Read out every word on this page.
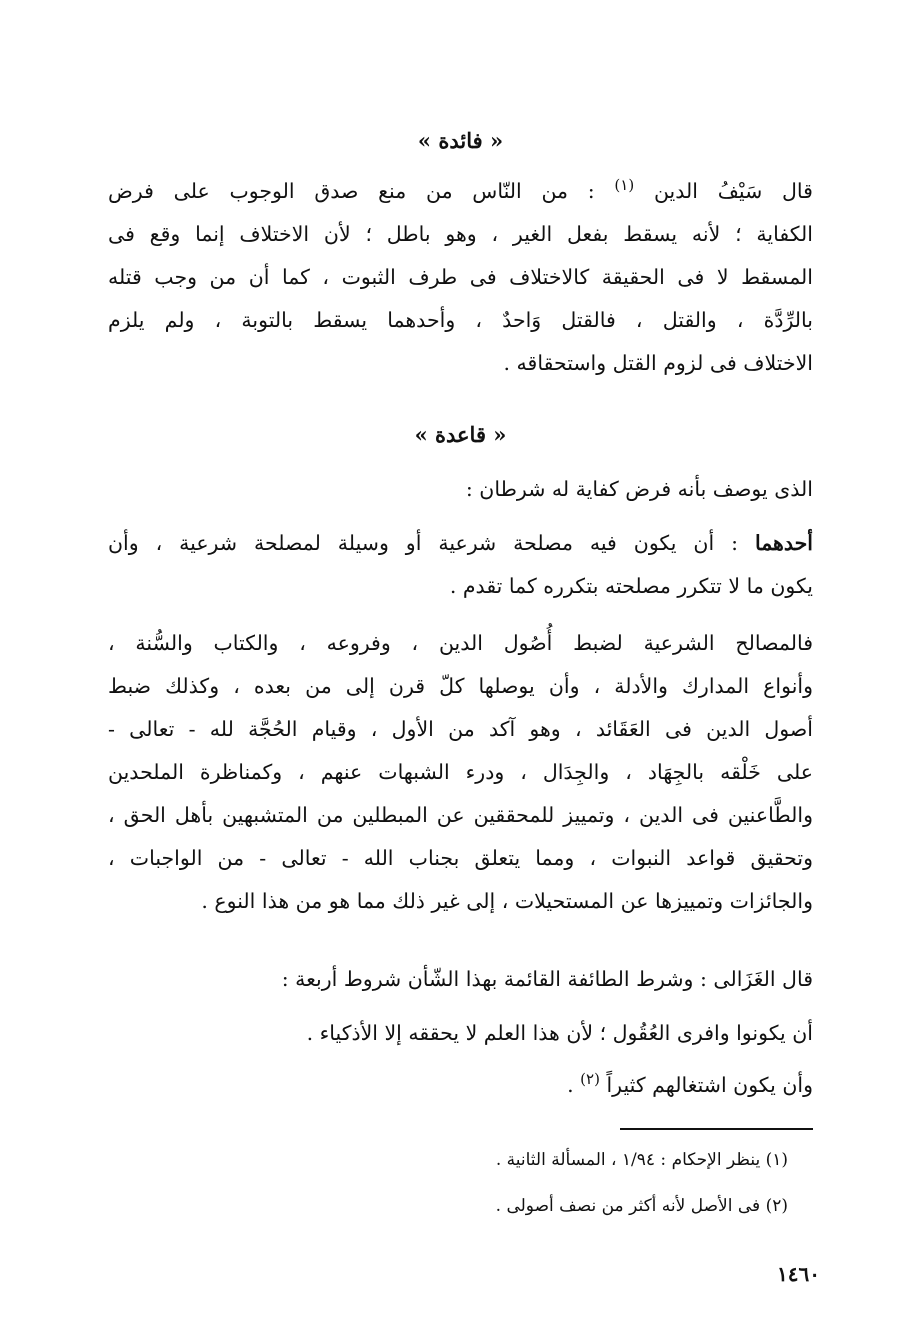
« فائدة »
قال سَيْفُ الدين $^{(١)}$ : من النّاس من منع صدق الوجوب على فرض
الكفاية ؛ لأنه يسقط بفعل الغير ، وهو باطل ؛ لأن الاختلاف إنما وقع فى
المسقط لا فى الحقيقة كالاختلاف فى طرف الثبوت ، كما أن من وجب قتله
بالرِّدَّة ، والقتل ، فالقتل وَاحدٌ ، وأحدهما يسقط بالتوبة ، ولم يلزم
الاختلاف فى لزوم القتل واستحقاقه .
« قاعدة »
الذى يوصف بأنه فرض كفاية له شرطان :
أحدهما : أن يكون فيه مصلحة شرعية أو وسيلة لمصلحة شرعية ، وأن
يكون ما لا تتكرر مصلحته بتكرره كما تقدم .
فالمصالح الشرعية لضبط أُصُول الدين ، وفروعه ، والكتاب والسُّنة ،
وأنواع المدارك والأدلة ، وأن يوصلها كلّ قرن إلى من بعده ، وكذلك ضبط
أصول الدين فى العَقَائد ، وهو آكد من الأول ، وقيام الحُجَّة لله - تعالى -
على خَلْقه بالجِهَاد ، والجِدَال ، ودرء الشبهات عنهم ، وكمناظرة الملحدين
والطَّاعنين فى الدين ، وتمييز للمحققين عن المبطلين من المتشبهين بأهل الحق ،
وتحقيق قواعد النبوات ، ومما يتعلق بجناب الله - تعالى - من الواجبات ،
والجائزات وتمييزها عن المستحيلات ، إلى غير ذلك مما هو من هذا النوع .
قال الغَزَالى : وشرط الطائفة القائمة بهذا الشّأن شروط أربعة :
أن يكونوا وافرى العُقُول ؛ لأن هذا العلم لا يحققه إلا الأذكياء .
وأن يكون اشتغالهم كثيراً $^{(٢)}$ .
(١) ينظر الإحكام : ١/٩٤ ، المسألة الثانية .
(٢) فى الأصل لأنه أكثر من نصف أصولى .
١٤٦٠
